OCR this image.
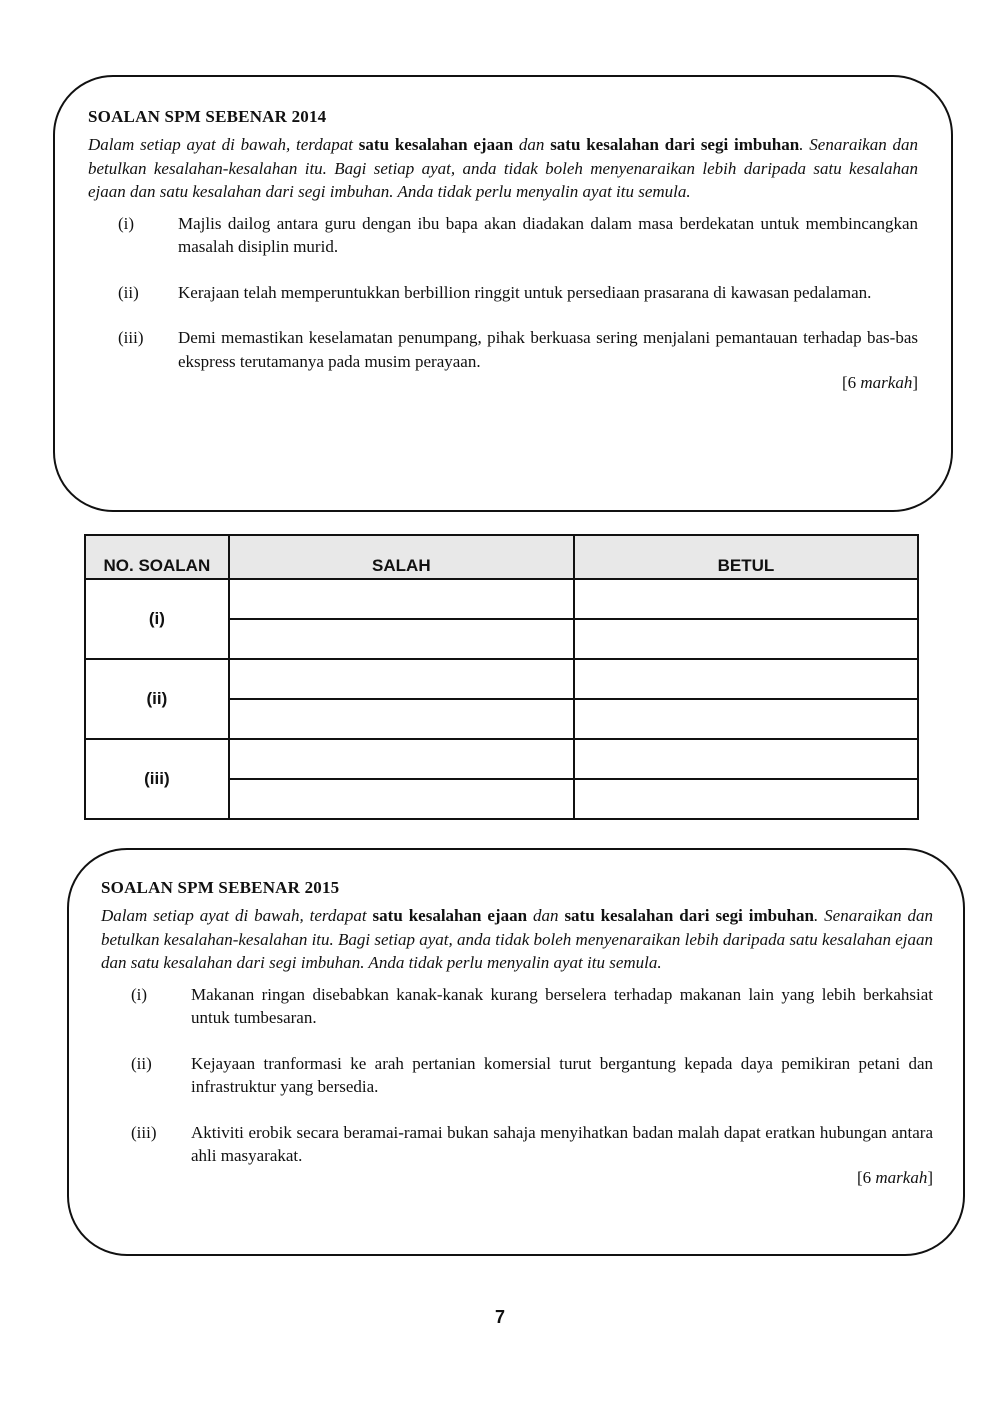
SOALAN SPM SEBENAR 2014

Dalam setiap ayat di bawah, terdapat satu kesalahan ejaan dan satu kesalahan dari segi imbuhan. Senaraikan dan betulkan kesalahan-kesalahan itu. Bagi setiap ayat, anda tidak boleh menyenaraikan lebih daripada satu kesalahan ejaan dan satu kesalahan dari segi imbuhan. Anda tidak perlu menyalin ayat itu semula.

(i)	Majlis dailog antara guru dengan ibu bapa akan diadakan dalam masa berdekatan untuk membincangkan masalah disiplin murid.
(ii)	Kerajaan telah memperuntukkan berbillion ringgit untuk persediaan prasarana di kawasan pedalaman.
(iii)	Demi memastikan keselamatan penumpang, pihak berkuasa sering menjalani pemantauan terhadap bas-bas ekspress terutamanya pada musim perayaan.
[6 markah]
NO. SOALAN	SALAH	BETUL
(i)		

(ii)		

(iii)		

SOALAN SPM SEBENAR 2015

Dalam setiap ayat di bawah, terdapat satu kesalahan ejaan dan satu kesalahan dari segi imbuhan. Senaraikan dan betulkan kesalahan-kesalahan itu. Bagi setiap ayat, anda tidak boleh menyenaraikan lebih daripada satu kesalahan ejaan dan satu kesalahan dari segi imbuhan. Anda tidak perlu menyalin ayat itu semula.

(i)	Makanan ringan disebabkan kanak-kanak kurang berselera terhadap makanan lain yang lebih berkahsiat untuk tumbesaran.
(ii)	Kejayaan tranformasi ke arah pertanian komersial turut bergantung kepada daya pemikiran petani dan infrastruktur yang bersedia.
(iii)	Aktiviti erobik secara beramai-ramai bukan sahaja menyihatkan badan malah dapat eratkan hubungan antara ahli masyarakat.
[6 markah]
7
